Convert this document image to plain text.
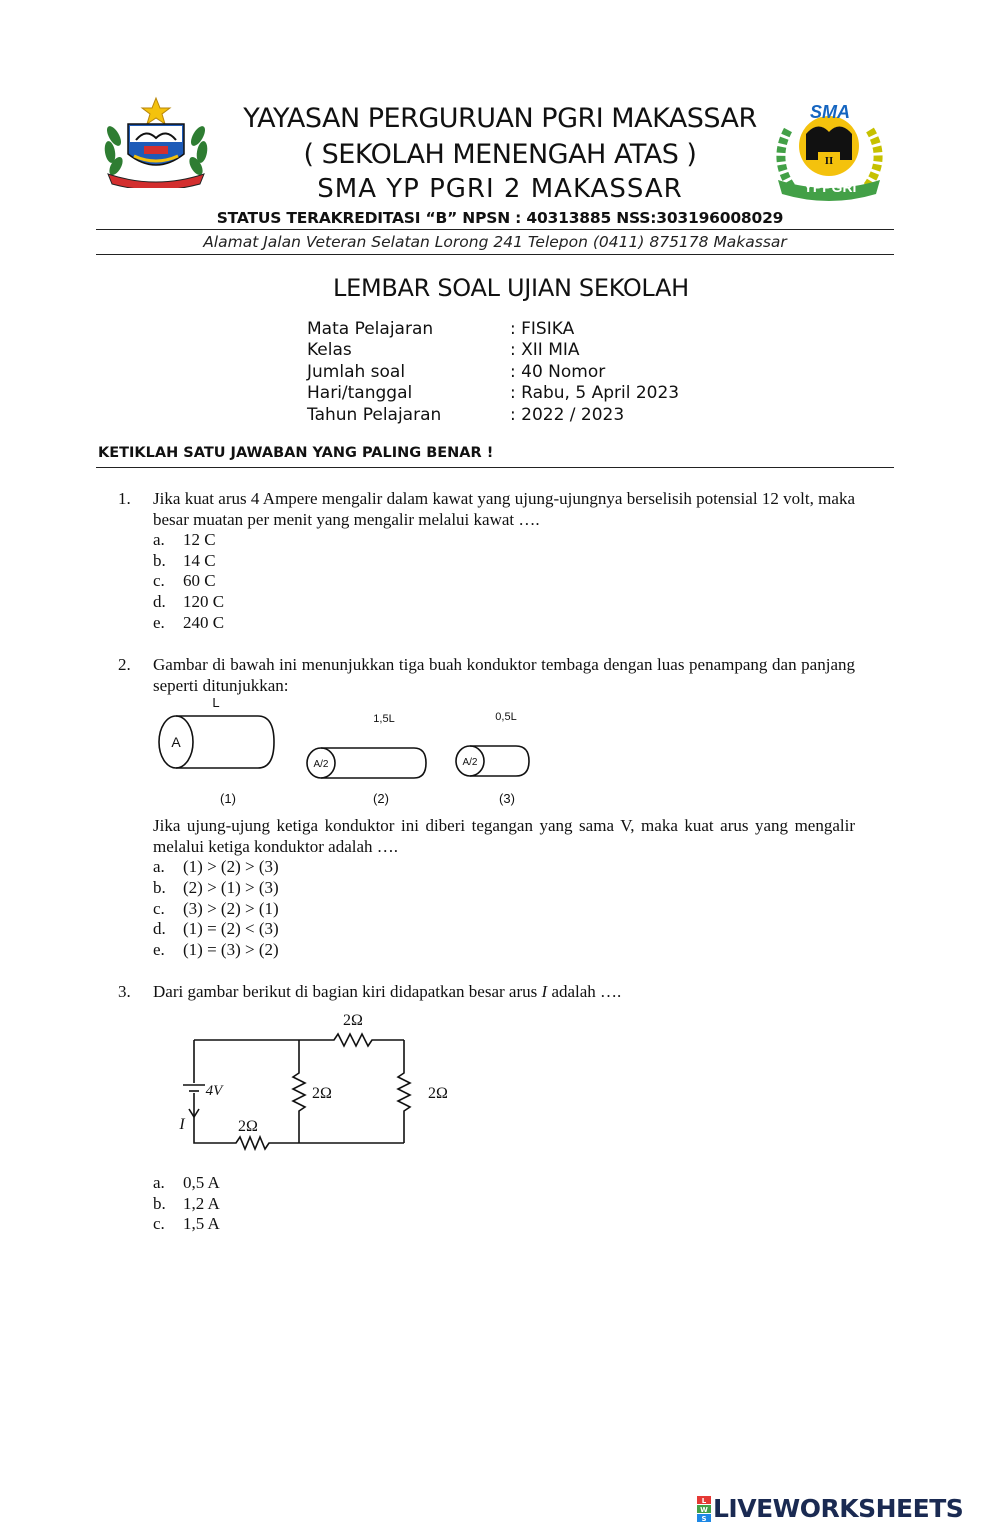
YAYASAN PERGURUAN PGRI MAKASSAR
( SEKOLAH MENENGAH ATAS )
SMA YP PGRI 2 MAKASSAR
II
SMA
YPPGRI
STATUS TERAKREDITASI “B” NPSN : 40313885 NSS:303196008029
Alamat Jalan Veteran Selatan Lorong 241 Telepon (0411) 875178 Makassar
LEMBAR SOAL UJIAN SEKOLAH
Mata Pelajaran	: FISIKA
Kelas	: XII MIA
Jumlah soal	: 40 Nomor
Hari/tanggal	: Rabu, 5 April 2023
Tahun Pelajaran	: 2022 / 2023
KETIKLAH SATU JAWABAN YANG PALING BENAR !
1. Jika kuat arus 4 Ampere mengalir dalam kawat yang ujung-ujungnya berselisih potensial 12 volt, maka besar muatan per menit yang mengalir melalui kawat ….
a.	12 C
b.	14 C
c.	60 C
d.	120 C
e.	240 C
2. Gambar di bawah ini menunjukkan tiga buah konduktor tembaga dengan luas penampang dan panjang seperti ditunjukkan:
L
A
(1)
1,5L
A/2
(2)
0,5L
A/2
(3)
Jika ujung-ujung ketiga konduktor ini diberi tegangan yang sama V, maka kuat arus yang mengalir melalui ketiga konduktor adalah ….
a.	(1) > (2) > (3)
b.	(2) > (1) > (3)
c.	(3) > (2) > (1)
d.	(1) = (2) < (3)
e.	(1) = (3) > (2)
3. Dari gambar berikut di bagian kiri didapatkan besar arus I adalah ….
2Ω
2Ω	2Ω
2Ω
4V
I
a.	0,5 A
b.	1,2 A
c.	1,5 A
L
W
S LIVEWORKSHEETS
